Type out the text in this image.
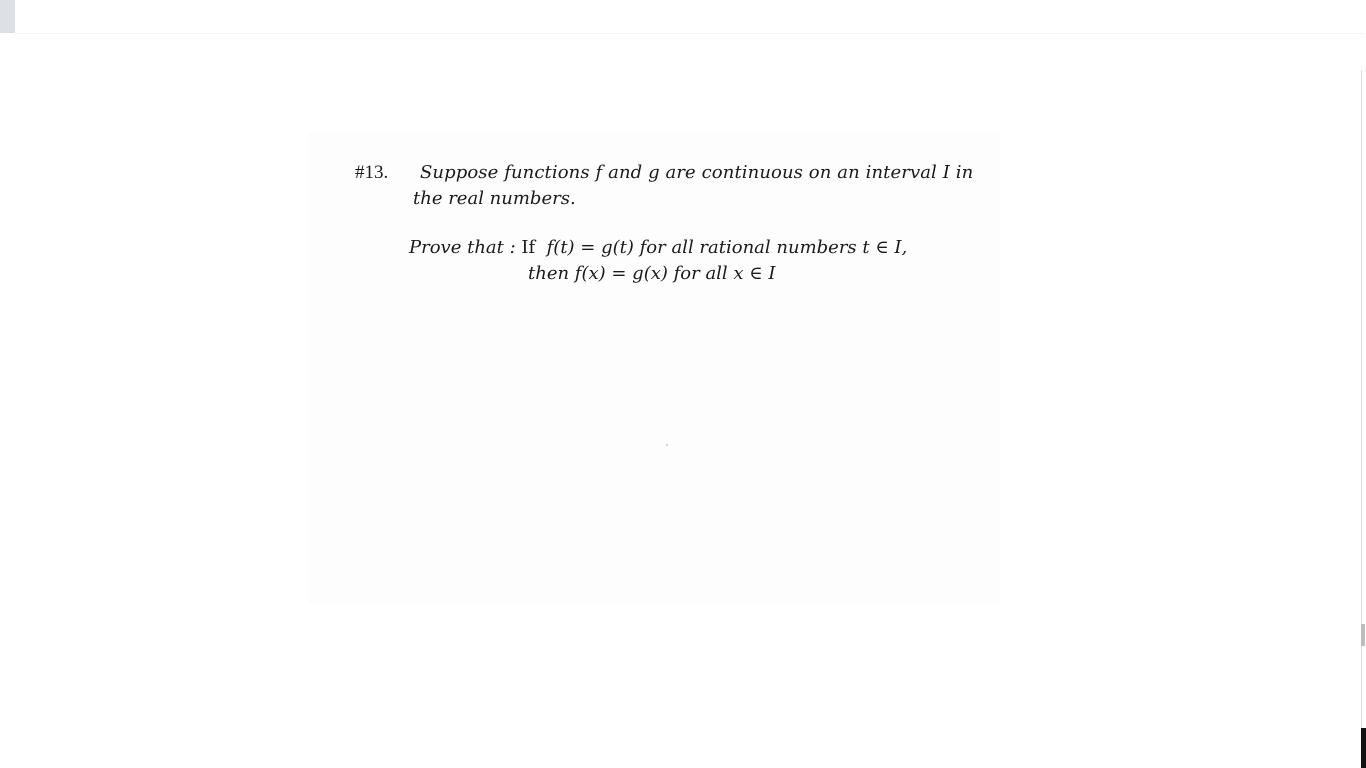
#13. Suppose functions f and g are continuous on an interval I in
the real numbers.
Prove that : If f(t) = g(t) for all rational numbers t ∈ I,
then f(x) = g(x) for all x ∈ I
